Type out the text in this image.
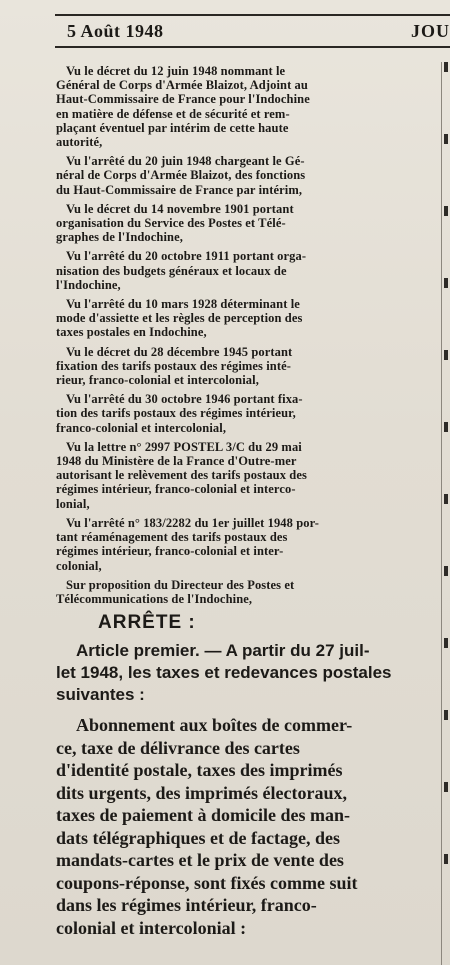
5 Août 1948	JOU
Vu le décret du 12 juin 1948 nommant le
Général de Corps d'Armée Blaizot, Adjoint au
Haut-Commissaire de France pour l'Indochine
en matière de défense et de sécurité et rem-
plaçant éventuel par intérim de cette haute
autorité,
Vu l'arrêté du 20 juin 1948 chargeant le Gé-
néral de Corps d'Armée Blaizot, des fonctions
du Haut-Commissaire de France par intérim,
Vu le décret du 14 novembre 1901 portant
organisation du Service des Postes et Télé-
graphes de l'Indochine,
Vu l'arrêté du 20 octobre 1911 portant orga-
nisation des budgets généraux et locaux de
l'Indochine,
Vu l'arrêté du 10 mars 1928 déterminant le
mode d'assiette et les règles de perception des
taxes postales en Indochine,
Vu le décret du 28 décembre 1945 portant
fixation des tarifs postaux des régimes inté-
rieur, franco-colonial et intercolonial,
Vu l'arrêté du 30 octobre 1946 portant fixa-
tion des tarifs postaux des régimes intérieur,
franco-colonial et intercolonial,
Vu la lettre n° 2997 POSTEL 3/C du 29 mai
1948 du Ministère de la France d'Outre-mer
autorisant le relèvement des tarifs postaux des
régimes intérieur, franco-colonial et interco-
lonial,
Vu l'arrêté n° 183/2282 du 1er juillet 1948 por-
tant réaménagement des tarifs postaux des
régimes intérieur, franco-colonial et inter-
colonial,
Sur proposition du Directeur des Postes et
Télécommunications de l'Indochine,
ARRÊTE :
Article premier. — A partir du 27 juil-
let 1948, les taxes et redevances postales
suivantes :
Abonnement aux boîtes de commer-
ce, taxe de délivrance des cartes
d'identité postale, taxes des imprimés
dits urgents, des imprimés électoraux,
taxes de paiement à domicile des man-
dats télégraphiques et de factage, des
mandats-cartes et le prix de vente des
coupons-réponse, sont fixés comme suit
dans les régimes intérieur, franco-
colonial et intercolonial :
